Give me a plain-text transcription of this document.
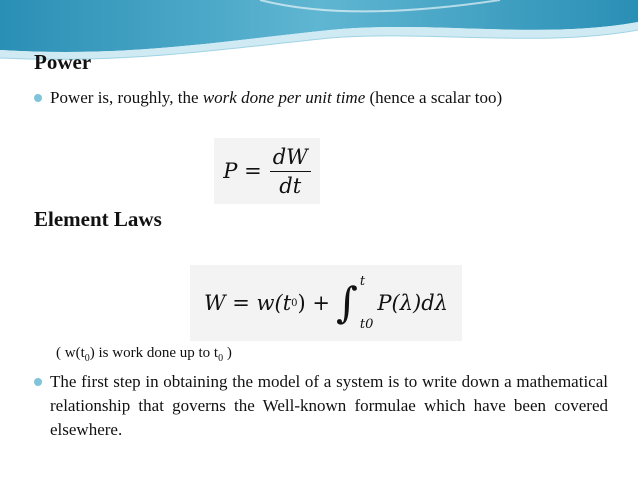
Power
Power is, roughly, the work done per unit time (hence a scalar too)
$P = \frac{dW}{dt}$
Element Laws
W = w(t 0 ) + ∫ t
t0
P(λ)dλ
( $w(t_0)$ is work done up to $t_0$ )
The first step in obtaining the model of a system is to write down a mathematical relationship that governs the Well-known formulae which have been covered elsewhere.
